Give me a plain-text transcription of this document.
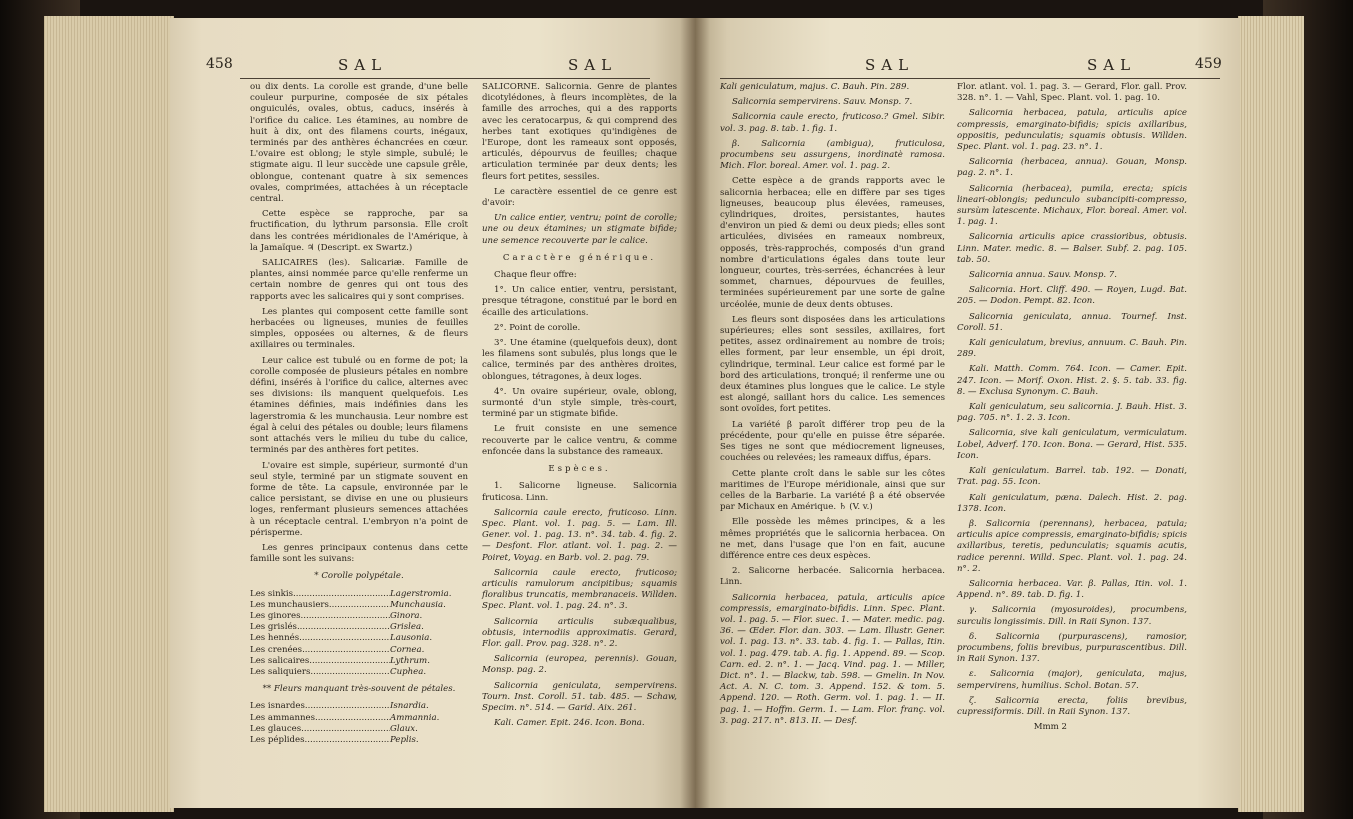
458	SAL	SAL

ou dix dents. La corolle est grande, d'une belle couleur purpurine, composée de six pétales onguiculés, ovales, obtus, caducs, insérés à l'orifice du calice. Les étamines, au nombre de huit à dix, ont des filamens courts, inégaux, terminés par des anthères échancrées en cœur. L'ovaire est oblong; le style simple, subulé; le stigmate aigu. Il leur succède une capsule grêle, oblongue, contenant quatre à six semences ovales, comprimées, attachées à un réceptacle central.

Cette espèce se rapproche, par sa fructification, du lythrum parsonsia. Elle croît dans les contrées méridionales de l'Amérique, à la Jamaïque. ♃ (Descript. ex Swartz.)

SALICAIRES (les). Salicariæ. Famille de plantes, ainsi nommée parce qu'elle renferme un certain nombre de genres qui ont tous des rapports avec les salicaires qui y sont comprises.

Les plantes qui composent cette famille sont herbacées ou ligneuses, munies de feuilles simples, opposées ou alternes, & de fleurs axillaires ou terminales.

Leur calice est tubulé ou en forme de pot; la corolle composée de plusieurs pétales en nombre défini, insérés à l'orifice du calice, alternes avec ses divisions: ils manquent quelquefois. Les étamines définies, mais indéfinies dans les lagerstromia & les munchausia. Leur nombre est égal à celui des pétales ou double; leurs filamens sont attachés vers le milieu du tube du calice, terminés par des anthères fort petites.

L'ovaire est simple, supérieur, surmonté d'un seul style, terminé par un stigmate souvent en forme de tête. La capsule, environnée par le calice persistant, se divise en une ou plusieurs loges, renfermant plusieurs semences attachées à un réceptacle central. L'embryon n'a point de périsperme.

Les genres principaux contenus dans cette famille sont les suivans:

* Corolle polypétale.

Les sinkis .....	Lagerstromia.
Les munchausiers .....	Munchausia.
Les ginores .....	Ginora.
Les grislés .....	Grislea.
Les hennés .....	Lausonia.
Les crenées .....	Cornea.
Les salicaires .....	Lythrum.
Les saliquiers .....	Cuphea.

** Fleurs manquant très-souvent de pétales.

Les isnardes .....	Isnardia.
Les ammannes .....	Ammannia.
Les glauces .....	Glaux.
Les péplides .....	Peplis.

SALICORNE. Salicornia. Genre de plantes dicotylédones, à fleurs incomplètes, de la famille des arroches, qui a des rapports avec les ceratocarpus, & qui comprend des herbes tant exotiques qu'indigènes de l'Europe, dont les rameaux sont opposés, articulés, dépourvus de feuilles; chaque articulation terminée par deux dents; les fleurs fort petites, sessiles.

Le caractère essentiel de ce genre est d'avoir:

Un calice entier, ventru; point de corolle; une ou deux étamines; un stigmate bifide; une semence recouverte par le calice.

Caractère générique.

Chaque fleur offre:

1°. Un calice entier, ventru, persistant, presque tétragone, constitué par le bord en écaille des articulations.

2°. Point de corolle.

3°. Une étamine (quelquefois deux), dont les filamens sont subulés, plus longs que le calice, terminés par des anthères droites, oblongues, tétragones, à deux loges.

4°. Un ovaire supérieur, ovale, oblong, surmonté d'un style simple, très-court, terminé par un stigmate bifide.

Le fruit consiste en une semence recouverte par le calice ventru, & comme enfoncée dans la substance des rameaux.

Espèces.

1. Salicorne ligneuse. Salicornia fruticosa. Linn.

Salicornia caule erecto, fruticoso. Linn. Spec. Plant. vol. 1. pag. 5. — Lam. Ill. Gener. vol. 1. pag. 13. n°. 34. tab. 4. fig. 2. — Desfont. Flor. atlant. vol. 1. pag. 2. — Poiret, Voyag. en Barb. vol. 2. pag. 79.

Salicornia caule erecto, fruticoso; articulis ramulorum ancipitibus; squamis floralibus truncatis, membranaceis. Willden. Spec. Plant. vol. 1. pag. 24. n°. 3.

Salicornia articulis subæqualibus, obtusis, internodiis approximatis. Gerard, Flor. gall. Prov. pag. 328. n°. 2.

Salicornia (europea, perennis). Gouan, Monsp. pag. 2.

Salicornia geniculata, sempervirens. Tourn. Inst. Coroll. 51. tab. 485. — Schaw, Specim. n°. 514. — Garid. Aix. 261.

Kali. Camer. Epit. 246. Icon. Bona.

SAL	SAL	459

Kali geniculatum, majus. C. Bauh. Pin. 289.

Salicornia sempervirens. Sauv. Monsp. 7.

Salicornia caule erecto, fruticoso.? Gmel. Sibir. vol. 3. pag. 8. tab. 1. fig. 1.

β. Salicornia (ambigua), fruticulosa, procumbens seu assurgens, inordinatè ramosa. Mich. Flor. boreal. Amer. vol. 1. pag. 2.

Cette espèce a de grands rapports avec le salicornia herbacea; elle en diffère par ses tiges ligneuses, beaucoup plus élevées, rameuses, cylindriques, droites, persistantes, hautes d'environ un pied & demi ou deux pieds; elles sont articulées, divisées en rameaux nombreux, opposés, très-rapprochés, composés d'un grand nombre d'articulations égales dans toute leur longueur, courtes, très-serrées, échancrées à leur sommet, charnues, dépourvues de feuilles, terminées supérieurement par une sorte de gaîne urcéolée, munie de deux dents obtuses.

Les fleurs sont disposées dans les articulations supérieures; elles sont sessiles, axillaires, fort petites, assez ordinairement au nombre de trois; elles forment, par leur ensemble, un épi droit, cylindrique, terminal. Leur calice est formé par le bord des articulations, tronqué; il renferme une ou deux étamines plus longues que le calice. Le style est alongé, saillant hors du calice. Les semences sont ovoïdes, fort petites.

La variété β paroît différer trop peu de la précédente, pour qu'elle en puisse être séparée. Ses tiges ne sont que médiocrement ligneuses, couchées ou relevées; les rameaux diffus, épars.

Cette plante croît dans le sable sur les côtes maritimes de l'Europe méridionale, ainsi que sur celles de la Barbarie. La variété β a été observée par Michaux en Amérique. ♄ (V. v.)

Elle possède les mêmes principes, & a les mêmes propriétés que le salicornia herbacea. On ne met, dans l'usage que l'on en fait, aucune différence entre ces deux espèces.

2. Salicorne herbacée. Salicornia herbacea. Linn.

Salicornia herbacea, patula, articulis apice compressis, emarginato-bifidis. Linn. Spec. Plant. vol. 1. pag. 5. — Flor. suec. 1. — Mater. medic. pag. 36. — Œder. Flor. dan. 303. — Lam. Illustr. Gener. vol. 1. pag. 13. n°. 33. tab. 4. fig. 1. — Pallas, Itin. vol. 1. pag. 479. tab. A. fig. 1. Append. 89. — Scop. Carn. ed. 2. n°. 1. — Jacq. Vind. pag. 1. — Miller, Dict. n°. 1. — Blackw, tab. 598. — Gmelin. In Nov. Act. A. N. C. tom. 3. Append. 152. & tom. 5. Append. 120. — Roth. Germ. vol. 1. pag. 1. — II. pag. 1. — Hoffm. Germ. 1. — Lam. Flor. franç. vol. 3. pag. 217. n°. 813. II. — Desf.

Flor. atlant. vol. 1. pag. 3. — Gerard, Flor. gall. Prov. 328. n°. 1. — Vahl, Spec. Plant. vol. 1. pag. 10.

Salicornia herbacea, patula, articulis apice compressis, emarginato-bifidis; spicis axillaribus, oppositis, pedunculatis; squamis obtusis. Willden. Spec. Plant. vol. 1. pag. 23. n°. 1.

Salicornia (herbacea, annua). Gouan, Monsp. pag. 2. n°. 1.

Salicornia (herbacea), pumila, erecta; spicis lineari-oblongis; pedunculo subancipiti-compresso, sursùm latescente. Michaux, Flor. boreal. Amer. vol. 1. pag. 1.

Salicornia articulis apice crassioribus, obtusis. Linn. Mater. medic. 8. — Balser. Subf. 2. pag. 105. tab. 50.

Salicornia annua. Sauv. Monsp. 7.

Salicornia. Hort. Cliff. 490. — Royen, Lugd. Bat. 205. — Dodon. Pempt. 82. Icon.

Salicornia geniculata, annua. Tournef. Inst. Coroll. 51.

Kali geniculatum, brevius, annuum. C. Bauh. Pin. 289.

Kali. Matth. Comm. 764. Icon. — Camer. Epit. 247. Icon. — Morif. Oxon. Hist. 2. §. 5. tab. 33. fig. 8. — Exclusa Synonym. C. Bauh.

Kali geniculatum, seu salicornia. J. Bauh. Hist. 3. pag. 705. n°. 1. 2. 3. Icon.

Salicornia, sive kali geniculatum, vermiculatum. Lobel, Adverf. 170. Icon. Bona. — Gerard, Hist. 535. Icon.

Kali geniculatum. Barrel. tab. 192. — Donati, Trat. pag. 55. Icon.

Kali geniculatum, pæna. Dalech. Hist. 2. pag. 1378. Icon.

β. Salicornia (perennans), herbacea, patula; articulis apice compressis, emarginato-bifidis; spicis axillaribus, teretis, pedunculatis; squamis acutis, radice perenni. Willd. Spec. Plant. vol. 1. pag. 24. n°. 2.

Salicornia herbacea. Var. β. Pallas, Itin. vol. 1. Append. n°. 89. tab. D. fig. 1.

γ. Salicornia (myosuroides), procumbens, surculis longissimis. Dill. in Raii Synon. 137.

δ. Salicornia (purpurascens), ramosior, procumbens, foliis brevibus, purpurascentibus. Dill. in Raii Synon. 137.

ε. Salicornia (major), geniculata, majus, sempervirens, humilius. Schol. Botan. 57.

ζ. Salicornia erecta, foliis brevibus, cupressiformis. Dill. in Raii Synon. 137.

Mmm 2
